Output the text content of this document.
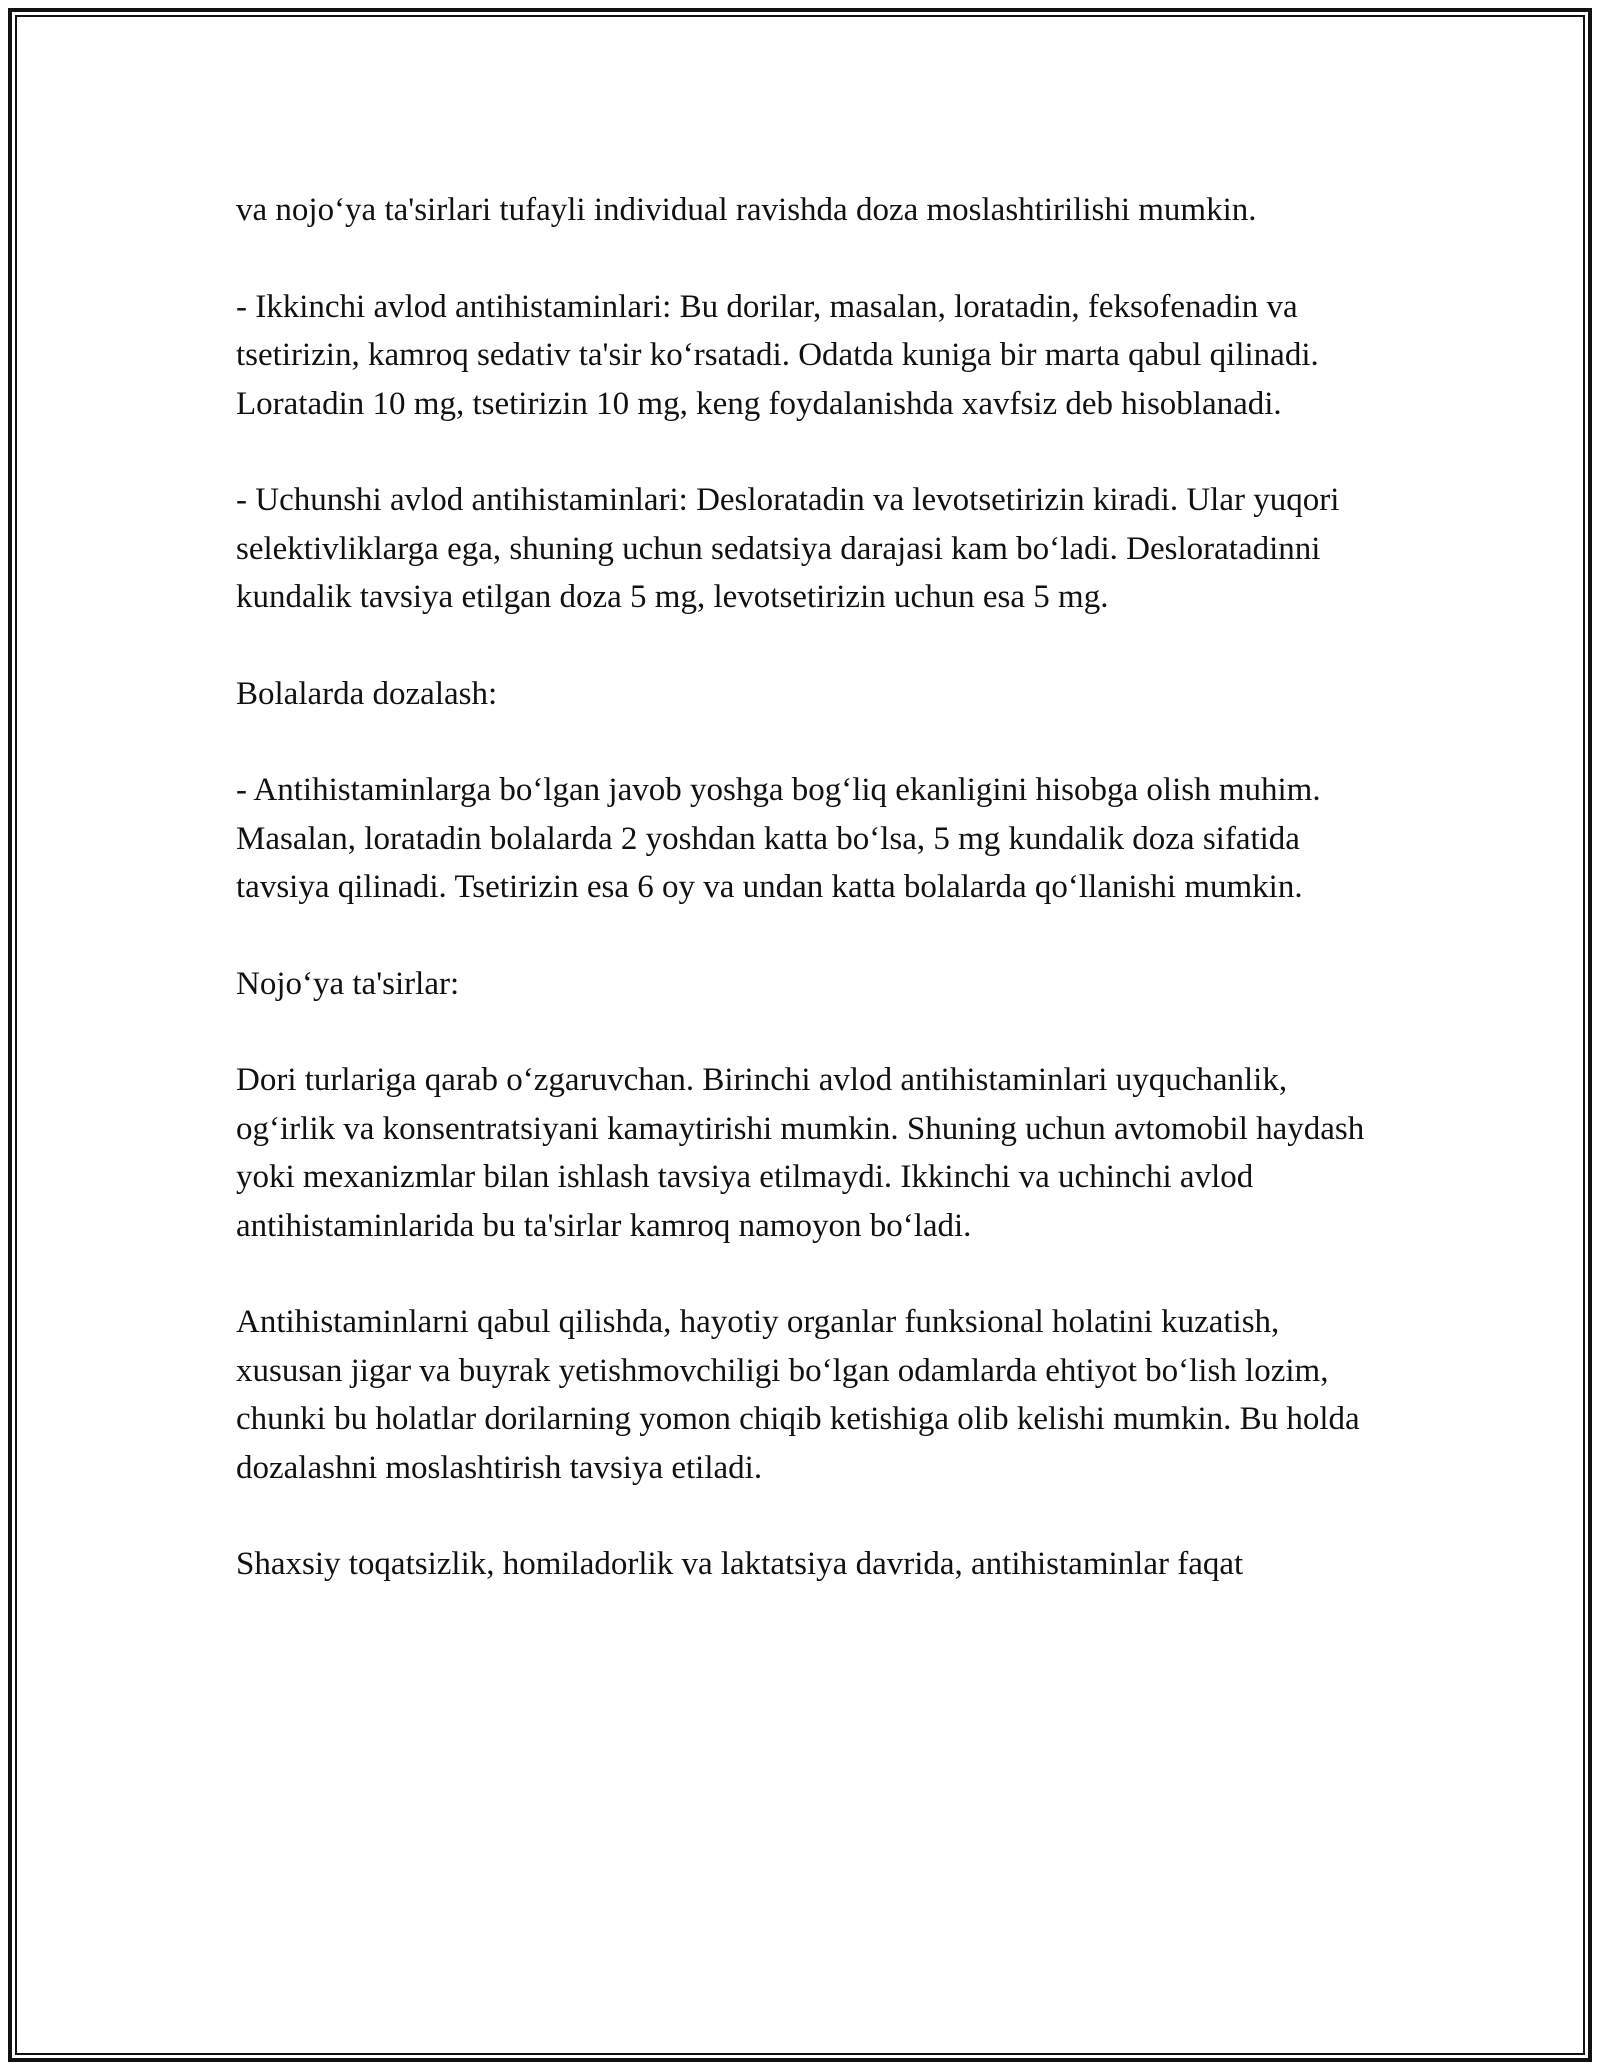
va nojo‘ya ta'sirlari tufayli individual ravishda doza moslashtirilishi mumkin.

- Ikkinchi avlod antihistaminlari: Bu dorilar, masalan, loratadin, feksofenadin va tsetirizin, kamroq sedativ ta'sir ko‘rsatadi. Odatda kuniga bir marta qabul qilinadi. Loratadin 10 mg, tsetirizin 10 mg, keng foydalanishda xavfsiz deb hisoblanadi.

- Uchunshi avlod antihistaminlari: Desloratadin va levotsetirizin kiradi. Ular yuqori selektivliklarga ega, shuning uchun sedatsiya darajasi kam bo‘ladi. Desloratadinni kundalik tavsiya etilgan doza 5 mg, levotsetirizin uchun esa 5 mg.

Bolalarda dozalash:

- Antihistaminlarga bo‘lgan javob yoshga bog‘liq ekanligini hisobga olish muhim. Masalan, loratadin bolalarda 2 yoshdan katta bo‘lsa, 5 mg kundalik doza sifatida tavsiya qilinadi. Tsetirizin esa 6 oy va undan katta bolalarda qo‘llanishi mumkin.

Nojo‘ya ta'sirlar:

Dori turlariga qarab o‘zgaruvchan. Birinchi avlod antihistaminlari uyquchanlik, og‘irlik va konsentratsiyani kamaytirishi mumkin. Shuning uchun avtomobil haydash yoki mexanizmlar bilan ishlash tavsiya etilmaydi. Ikkinchi va uchinchi avlod antihistaminlarida bu ta'sirlar kamroq namoyon bo‘ladi.

Antihistaminlarni qabul qilishda, hayotiy organlar funksional holatini kuzatish, xususan jigar va buyrak yetishmovchiligi bo‘lgan odamlarda ehtiyot bo‘lish lozim, chunki bu holatlar dorilarning yomon chiqib ketishiga olib kelishi mumkin. Bu holda dozalashni moslashtirish tavsiya etiladi.

Shaxsiy toqatsizlik, homiladorlik va laktatsiya davrida, antihistaminlar faqat
